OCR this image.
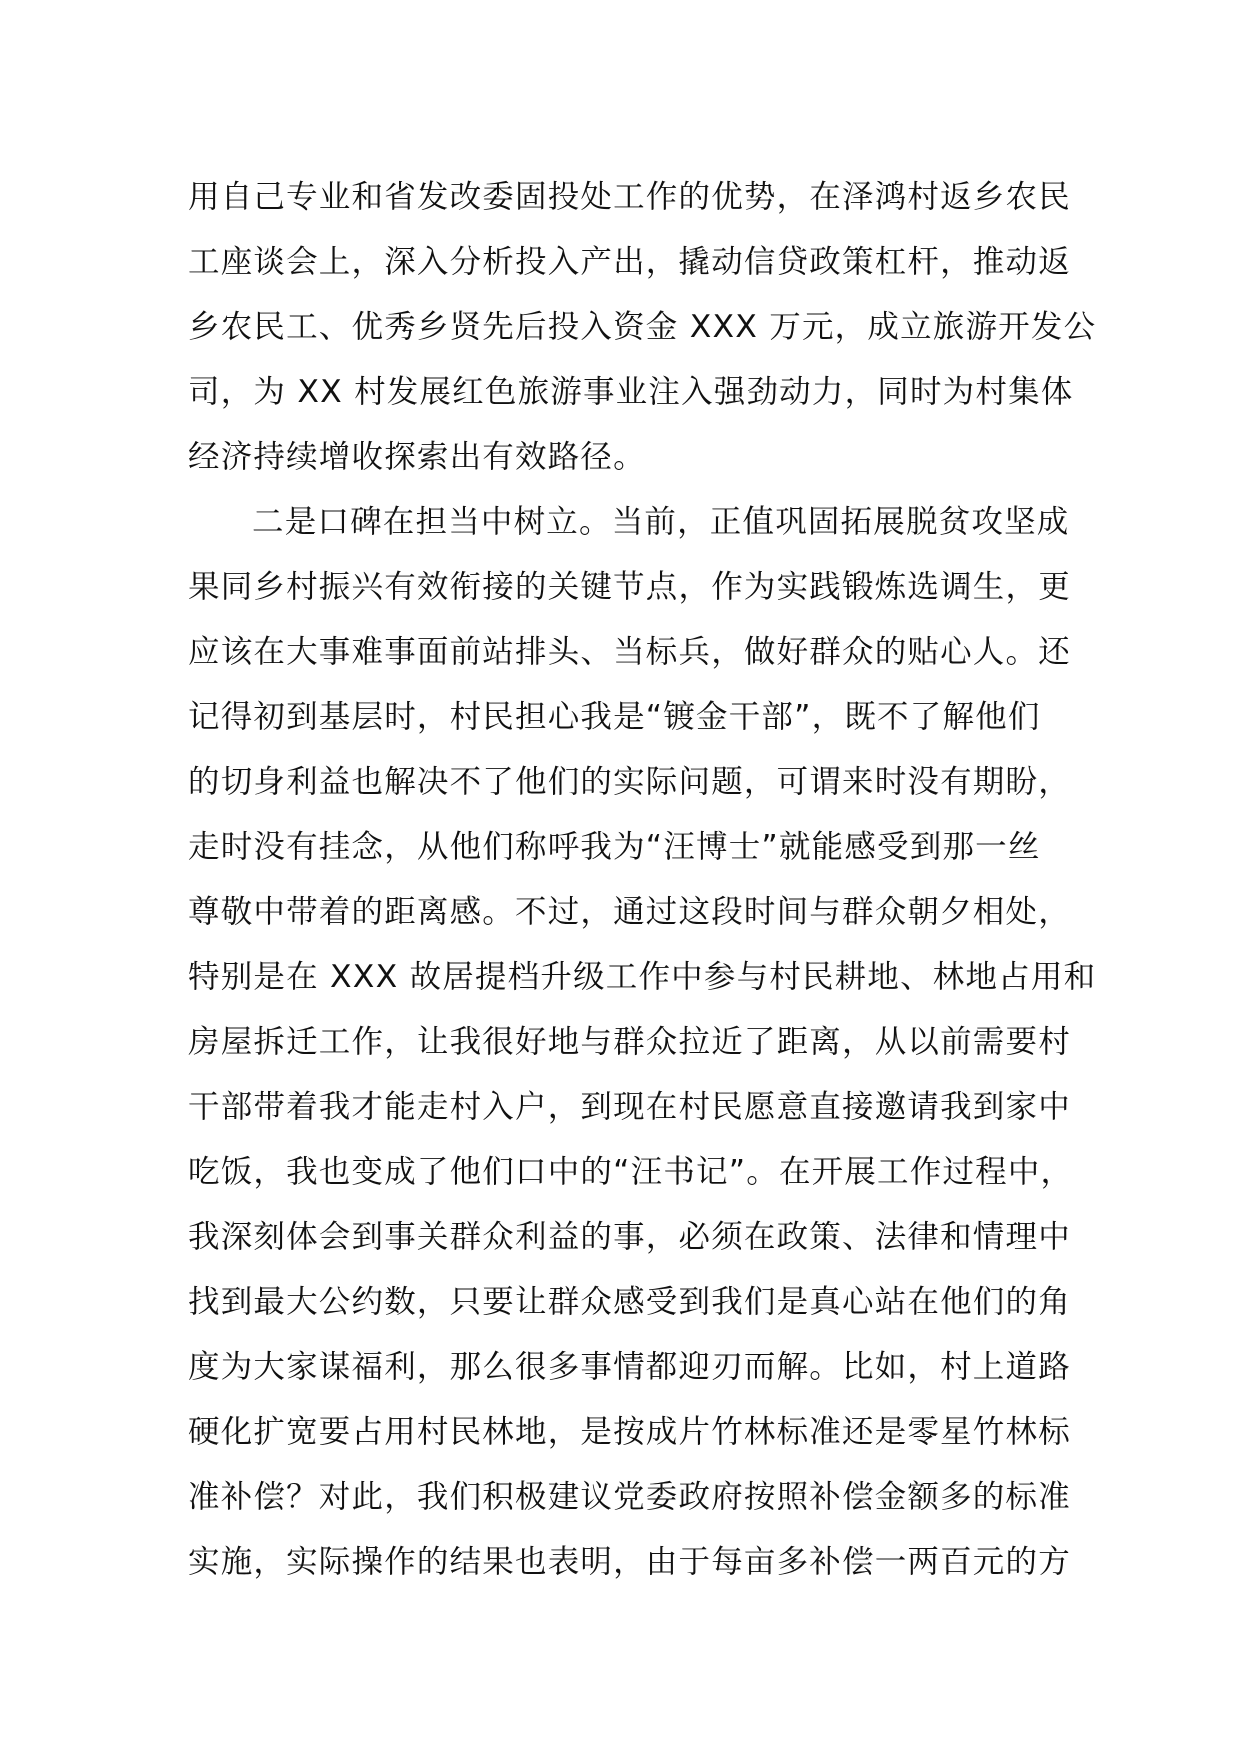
用自己专业和省发改委固投处工作的优势，在泽鸿村返乡农民
工座谈会上，深入分析投入产出，撬动信贷政策杠杆，推动返
乡农民工、优秀乡贤先后投入资金 XXX 万元，成立旅游开发公
司，为 XX 村发展红色旅游事业注入强劲动力，同时为村集体
经济持续增收探索出有效路径。
二是口碑在担当中树立。当前，正值巩固拓展脱贫攻坚成
果同乡村振兴有效衔接的关键节点，作为实践锻炼选调生，更
应该在大事难事面前站排头、当标兵，做好群众的贴心人。还
记得初到基层时，村民担心我是“镀金干部”，既不了解他们
的切身利益也解决不了他们的实际问题，可谓来时没有期盼，
走时没有挂念，从他们称呼我为“汪博士”就能感受到那一丝
尊敬中带着的距离感。不过，通过这段时间与群众朝夕相处，
特别是在 XXX 故居提档升级工作中参与村民耕地、林地占用和
房屋拆迁工作，让我很好地与群众拉近了距离，从以前需要村
干部带着我才能走村入户，到现在村民愿意直接邀请我到家中
吃饭，我也变成了他们口中的“汪书记”。在开展工作过程中，
我深刻体会到事关群众利益的事，必须在政策、法律和情理中
找到最大公约数，只要让群众感受到我们是真心站在他们的角
度为大家谋福利，那么很多事情都迎刃而解。比如，村上道路
硬化扩宽要占用村民林地，是按成片竹林标准还是零星竹林标
准补偿？对此，我们积极建议党委政府按照补偿金额多的标准
实施，实际操作的结果也表明，由于每亩多补偿一两百元的方
